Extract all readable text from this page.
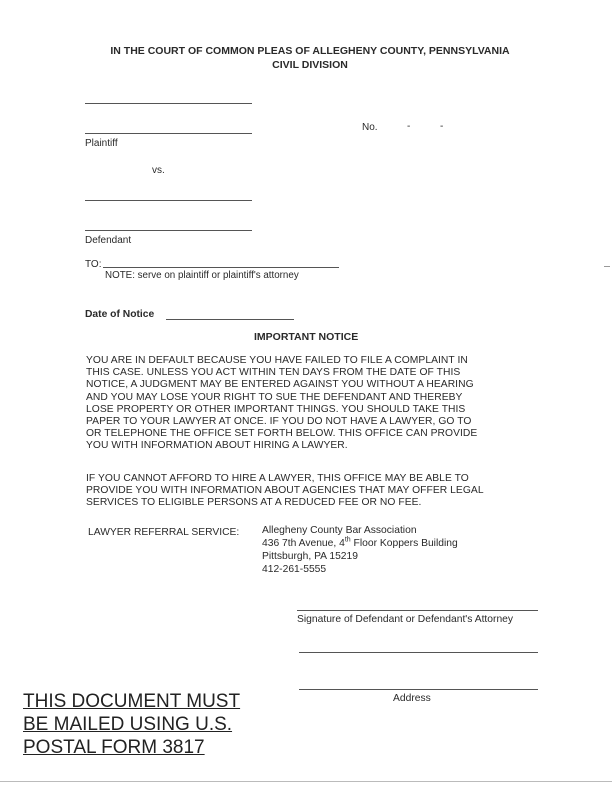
IN THE COURT OF COMMON PLEAS OF ALLEGHENY COUNTY, PENNSYLVANIA
CIVIL DIVISION
Plaintiff
No.	-	-
vs.
Defendant
TO:
NOTE: serve on plaintiff or plaintiff's attorney
Date of Notice
IMPORTANT NOTICE
YOU ARE IN DEFAULT BECAUSE YOU HAVE FAILED TO FILE A COMPLAINT IN
THIS CASE. UNLESS YOU ACT WITHIN TEN DAYS FROM THE DATE OF THIS
NOTICE, A JUDGMENT MAY BE ENTERED AGAINST YOU WITHOUT A HEARING
AND YOU MAY LOSE YOUR RIGHT TO SUE THE DEFENDANT AND THEREBY
LOSE PROPERTY OR OTHER IMPORTANT THINGS. YOU SHOULD TAKE THIS
PAPER TO YOUR LAWYER AT ONCE. IF YOU DO NOT HAVE A LAWYER, GO TO
OR TELEPHONE THE OFFICE SET FORTH BELOW. THIS OFFICE CAN PROVIDE
YOU WITH INFORMATION ABOUT HIRING A LAWYER.
IF YOU CANNOT AFFORD TO HIRE A LAWYER, THIS OFFICE MAY BE ABLE TO
PROVIDE YOU WITH INFORMATION ABOUT AGENCIES THAT MAY OFFER LEGAL
SERVICES TO ELIGIBLE PERSONS AT A REDUCED FEE OR NO FEE.
LAWYER REFERRAL SERVICE: Allegheny County Bar Association
436 7th Avenue, 4th Floor Koppers Building
Pittsburgh, PA 15219
412-261-5555
Signature of Defendant or Defendant's Attorney
Address
THIS DOCUMENT MUST
BE MAILED USING U.S.
POSTAL FORM 3817
